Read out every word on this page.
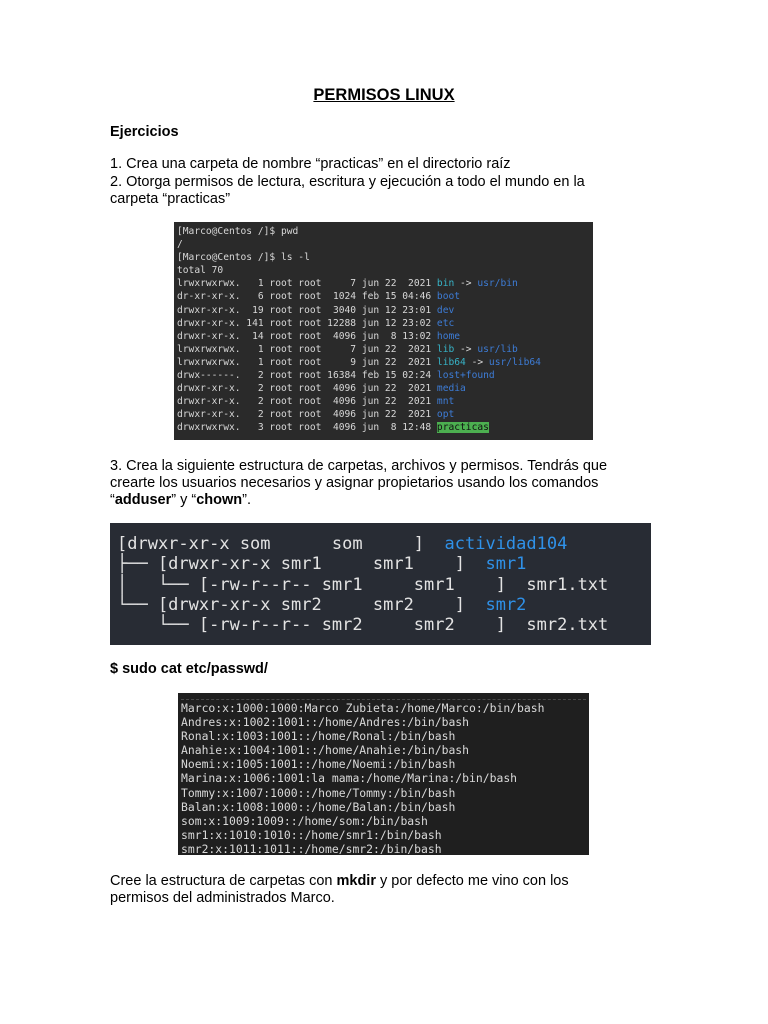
PERMISOS LINUX
Ejercicios
1. Crea una carpeta de nombre “practicas” en el directorio raíz
2. Otorga permisos de lectura, escritura y ejecución a todo el mundo en la carpeta “practicas”
[Marco@Centos /]$ pwd
/
[Marco@Centos /]$ ls -l
total 70
lrwxrwxrwx.   1 root root     7 jun 22  2021 bin -> usr/bin
dr-xr-xr-x.   6 root root  1024 feb 15 04:46 boot
drwxr-xr-x.  19 root root  3040 jun 12 23:01 dev
drwxr-xr-x. 141 root root 12288 jun 12 23:02 etc
drwxr-xr-x.  14 root root  4096 jun  8 13:02 home
lrwxrwxrwx.   1 root root     7 jun 22  2021 lib -> usr/lib
lrwxrwxrwx.   1 root root     9 jun 22  2021 lib64 -> usr/lib64
drwx------.   2 root root 16384 feb 15 02:24 lost+found
drwxr-xr-x.   2 root root  4096 jun 22  2021 media
drwxr-xr-x.   2 root root  4096 jun 22  2021 mnt
drwxr-xr-x.   2 root root  4096 jun 22  2021 opt
drwxrwxrwx.   3 root root  4096 jun  8 12:48 practicas
3. Crea la siguiente estructura de carpetas, archivos y permisos. Tendrás que
crearte los usuarios necesarios y asignar propietarios usando los comandos
“adduser” y “chown”.
[drwxr-xr-x som      som     ]  actividad104
├── [drwxr-xr-x smr1     smr1    ]  smr1
│   └── [-rw-r--r-- smr1     smr1    ]  smr1.txt
└── [drwxr-xr-x smr2     smr2    ]  smr2
└── [-rw-r--r-- smr2     smr2    ]  smr2.txt
$ sudo cat etc/passwd/
Marco:x:1000:1000:Marco Zubieta:/home/Marco:/bin/bash
Andres:x:1002:1001::/home/Andres:/bin/bash
Ronal:x:1003:1001::/home/Ronal:/bin/bash
Anahie:x:1004:1001::/home/Anahie:/bin/bash
Noemi:x:1005:1001::/home/Noemi:/bin/bash
Marina:x:1006:1001:la mama:/home/Marina:/bin/bash
Tommy:x:1007:1000::/home/Tommy:/bin/bash
Balan:x:1008:1000::/home/Balan:/bin/bash
som:x:1009:1009::/home/som:/bin/bash
smr1:x:1010:1010::/home/smr1:/bin/bash
smr2:x:1011:1011::/home/smr2:/bin/bash
Cree la estructura de carpetas con mkdir y por defecto me vino con los
permisos del administrados Marco.
